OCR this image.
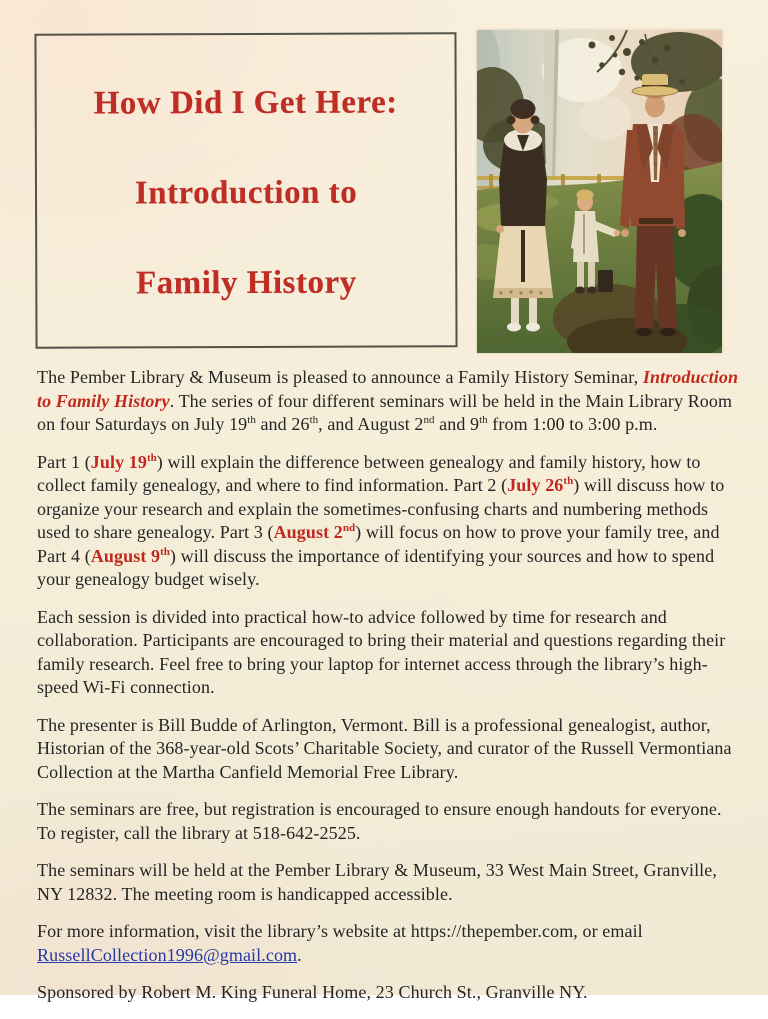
How Did I Get Here:
Introduction to
Family History

The Pember Library & Museum is pleased to announce a Family History Seminar, Introduction to Family History. The series of four different seminars will be held in the Main Library Room on four Saturdays on July 19th and 26th, and August 2nd and 9th from 1:00 to 3:00 p.m.

Part 1 (July 19th) will explain the difference between genealogy and family history, how to collect family genealogy, and where to find information. Part 2 (July 26th) will discuss how to organize your research and explain the sometimes-confusing charts and numbering methods used to share genealogy. Part 3 (August 2nd) will focus on how to prove your family tree, and Part 4 (August 9th) will discuss the importance of identifying your sources and how to spend your genealogy budget wisely.

Each session is divided into practical how-to advice followed by time for research and collaboration. Participants are encouraged to bring their material and questions regarding their family research. Feel free to bring your laptop for internet access through the library’s high-speed Wi-Fi connection.

The presenter is Bill Budde of Arlington, Vermont. Bill is a professional genealogist, author, Historian of the 368-year-old Scots’ Charitable Society, and curator of the Russell Vermontiana Collection at the Martha Canfield Memorial Free Library.

The seminars are free, but registration is encouraged to ensure enough handouts for everyone. To register, call the library at 518-642-2525.

The seminars will be held at the Pember Library & Museum, 33 West Main Street, Granville, NY 12832. The meeting room is handicapped accessible.

For more information, visit the library’s website at https://thepember.com, or email RussellCollection1996@gmail.com.

Sponsored by Robert M. King Funeral Home, 23 Church St., Granville NY.
